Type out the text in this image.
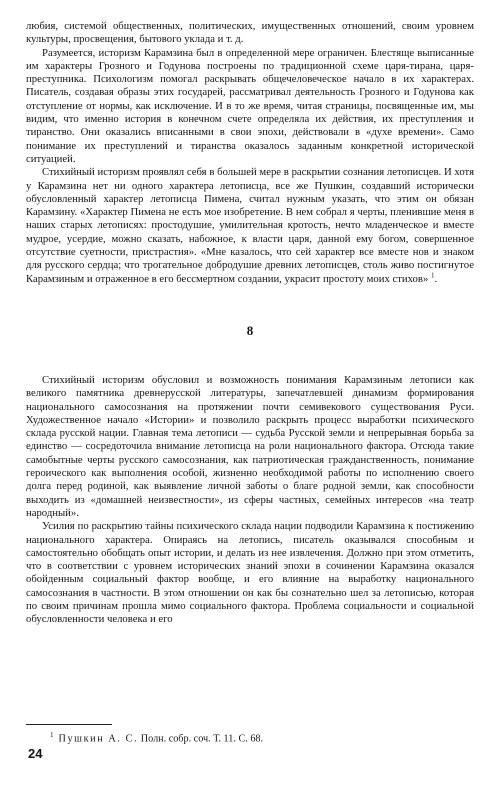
любия, системой общественных, политических, имущественных отношений, своим уровнем культуры, просвещения, бытового уклада и т. д.

Разумеется, историзм Карамзина был в определенной мере ограничен. Блестяще выписанные им характеры Грозного и Годунова построены по традиционной схеме царя-тирана, царя-преступника. Психологизм помогал раскрывать общечеловеческое начало в их характерах. Писатель, создавая образы этих государей, рассматривал деятельность Грозного и Годунова как отступление от нормы, как исключение. И в то же время, читая страницы, посвященные им, мы видим, что именно история в конечном счете определяла их действия, их преступления и тиранство. Они оказались вписанными в свои эпохи, действовали в «духе времени». Само понимание их преступлений и тиранства оказалось заданным конкретной исторической ситуацией.

Стихийный историзм проявлял себя в большей мере в раскрытии сознания летописцев. И хотя у Карамзина нет ни одного характера летописца, все же Пушкин, создавший исторически обусловленный характер летописца Пимена, считал нужным указать, что этим он обязан Карамзину. «Характер Пимена не есть мое изобретение. В нем собрал я черты, пленившие меня в наших старых летописях: простодушие, умилительная кротость, нечто младенческое и вместе мудрое, усердие, можно сказать, набожное, к власти царя, данной ему богом, совершенное отсутствие суетности, пристрастия». «Мне казалось, что сей характер все вместе нов и знаком для русского сердца; что трогательное добродушие древних летописцев, столь живо постигнутое Карамзиным и отраженное в его бессмертном создании, украсит простоту моих стихов» $^1$.

8

Стихийный историзм обусловил и возможность понимания Карамзиным летописи как великого памятника древнерусской литературы, запечатлевшей динамизм формирования национального самосознания на протяжении почти семивекового существования Руси. Художественное начало «Истории» и позволило раскрыть процесс выработки психического склада русской нации. Главная тема летописи — судьба Русской земли и непрерывная борьба за единство — сосредоточила внимание летописца на роли национального фактора. Отсюда такие самобытные черты русского самосознания, как патриотическая гражданственность, понимание героического как выполнения особой, жизненно необходимой работы по исполнению своего долга перед родиной, как выявление личной заботы о благе родной земли, как способности выходить из «домашней неизвестности», из сферы частных, семейных интересов «на театр народный».

Усилия по раскрытию тайны психического склада нации подводили Карамзина к постижению национального характера. Опираясь на летопись, писатель оказывался способным и самостоятельно обобщать опыт истории, и делать из нее извлечения. Должно при этом отметить, что в соответствии с уровнем исторических знаний эпохи в сочинении Карамзина оказался обойденным социальный фактор вообще, и его влияние на выработку национального самосознания в частности. В этом отношении он как бы сознательно шел за летописью, которая по своим причинам прошла мимо социального фактора. Проблема социальности и социальной обусловленности человека и его

$^1$ Пушкин А. С. Полн. собр. соч. Т. 11. С. 68.
24
